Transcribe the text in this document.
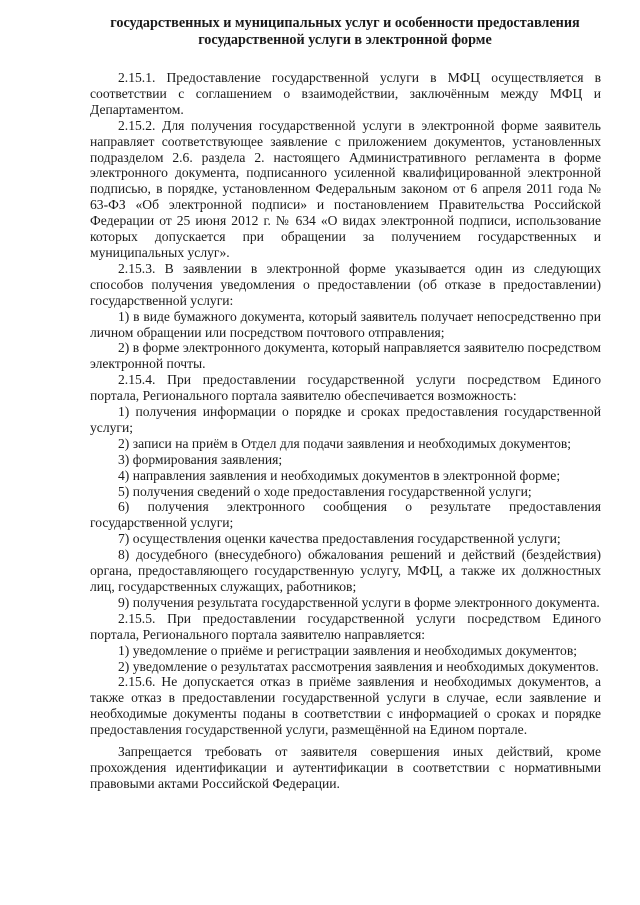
государственных и муниципальных услуг и особенности предоставления
государственной услуги в электронной форме

2.15.1. Предоставление государственной услуги в МФЦ осуществляется в соответствии с соглашением о взаимодействии, заключённым между МФЦ и Департаментом.

2.15.2. Для получения государственной услуги в электронной форме заявитель направляет соответствующее заявление с приложением документов, установленных подразделом 2.6. раздела 2. настоящего Административного регламента в форме электронного документа, подписанного усиленной квалифицированной электронной подписью, в порядке, установленном Федеральным законом от 6 апреля 2011 года № 63-ФЗ «Об электронной подписи» и постановлением Правительства Российской Федерации от 25 июня 2012 г. № 634 «О видах электронной подписи, использование которых допускается при обращении за получением государственных и муниципальных услуг».

2.15.3. В заявлении в электронной форме указывается один из следующих способов получения уведомления о предоставлении (об отказе в предоставлении) государственной услуги:

1) в виде бумажного документа, который заявитель получает непосредственно при личном обращении или посредством почтового отправления;

2) в форме электронного документа, который направляется заявителю посредством электронной почты.

2.15.4. При предоставлении государственной услуги посредством Единого портала, Регионального портала заявителю обеспечивается возможность:

1) получения информации о порядке и сроках предоставления государственной услуги;

2) записи на приём в Отдел для подачи заявления и необходимых документов;

3) формирования заявления;

4) направления заявления и необходимых документов в электронной форме;

5) получения сведений о ходе предоставления государственной услуги;

6) получения электронного сообщения о результате предоставления государственной услуги;

7) осуществления оценки качества предоставления государственной услуги;

8) досудебного (внесудебного) обжалования решений и действий (бездействия) органа, предоставляющего государственную услугу, МФЦ, а также их должностных лиц, государственных служащих, работников;

9) получения результата государственной услуги в форме электронного документа.

2.15.5. При предоставлении государственной услуги посредством Единого портала, Регионального портала заявителю направляется:

1) уведомление о приёме и регистрации заявления и необходимых документов;

2) уведомление о результатах рассмотрения заявления и необходимых документов.

2.15.6. Не допускается отказ в приёме заявления и необходимых документов, а также отказ в предоставлении государственной услуги в случае, если заявление и необходимые документы поданы в соответствии с информацией о сроках и порядке предоставления государственной услуги, размещённой на Едином портале.

Запрещается требовать от заявителя совершения иных действий, кроме прохождения идентификации и аутентификации в соответствии с нормативными правовыми актами Российской Федерации.
